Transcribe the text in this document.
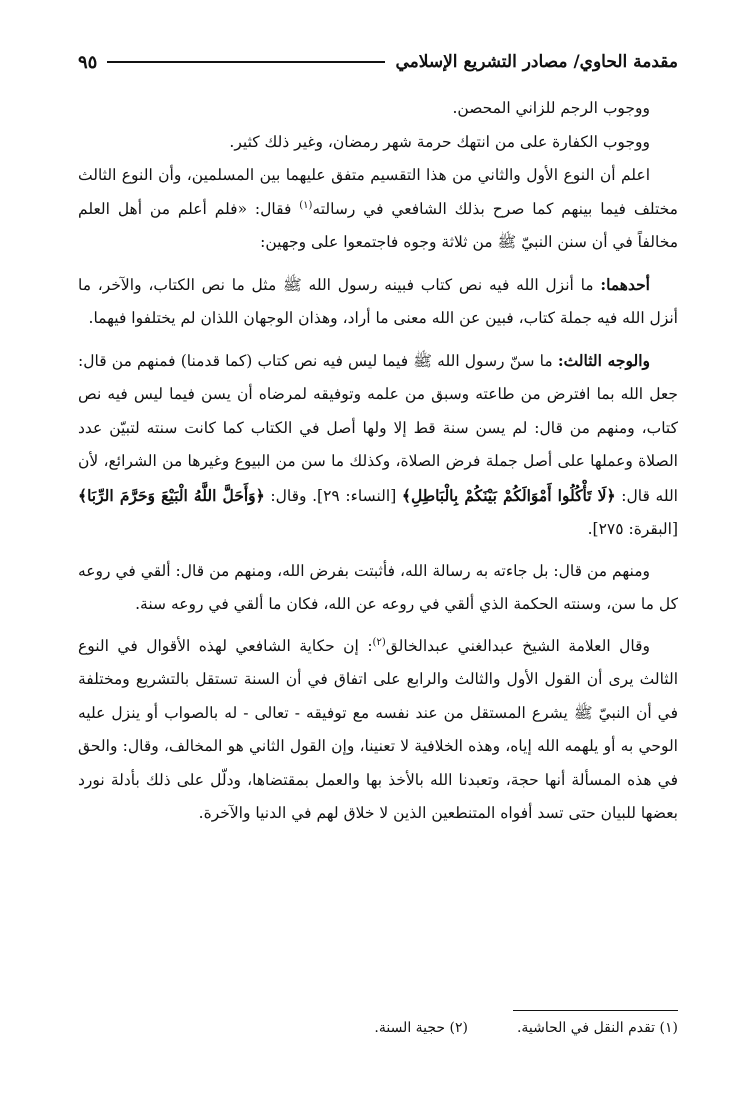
مقدمة الحاوي/ مصادر التشريع الإسلامي
٩٥

ووجوب الرجم للزاني المحصن.

ووجوب الكفارة على من انتهك حرمة شهر رمضان، وغير ذلك كثير.

اعلم أن النوع الأول والثاني من هذا التقسيم متفق عليهما بين المسلمين، وأن النوع الثالث مختلف فيما بينهم كما صرح بذلك الشافعي في رسالته$^{(١)}$ فقال: «فلم أعلم من أهل العلم مخالفاً في أن سنن النبيّ ﷺ من ثلاثة وجوه فاجتمعوا على وجهين:

أحدهما: ما أنزل الله فيه نص كتاب فبينه رسول الله ﷺ مثل ما نص الكتاب، والآخر، ما أنزل الله فيه جملة كتاب، فبين عن الله معنى ما أراد، وهذان الوجهان اللذان لم يختلفوا فيهما.

والوجه الثالث: ما سنّ رسول الله ﷺ فيما ليس فيه نص كتاب (كما قدمنا) فمنهم من قال: جعل الله بما افترض من طاعته وسبق من علمه وتوفيقه لمرضاه أن يسن فيما ليس فيه نص كتاب، ومنهم من قال: لم يسن سنة قط إلا ولها أصل في الكتاب كما كانت سنته لتبيّن عدد الصلاة وعملها على أصل جملة فرض الصلاة، وكذلك ما سن من البيوع وغيرها من الشرائع، لأن الله قال: ﴿لَا تَأْكُلُوا أَمْوَالَكُمْ بَيْنَكُمْ بِالْبَاطِلِ﴾ [النساء: ٢٩]. وقال: ﴿وَأَحَلَّ اللَّهُ الْبَيْعَ وَحَرَّمَ الرِّبَا﴾ [البقرة: ٢٧٥].

ومنهم من قال: بل جاءته به رسالة الله، فأثبتت بفرض الله، ومنهم من قال: ألقي في روعه كل ما سن، وسنته الحكمة الذي ألقي في روعه عن الله، فكان ما ألقي في روعه سنة.

وقال العلامة الشيخ عبدالغني عبدالخالق$^{(٢)}$: إن حكاية الشافعي لهذه الأقوال في النوع الثالث يرى أن القول الأول والثالث والرابع على اتفاق في أن السنة تستقل بالتشريع ومختلفة في أن النبيّ ﷺ يشرع المستقل من عند نفسه مع توفيقه - تعالى - له بالصواب أو ينزل عليه الوحي به أو يلهمه الله إياه، وهذه الخلافية لا تعنينا، وإن القول الثاني هو المخالف، وقال: والحق في هذه المسألة أنها حجة، وتعبدنا الله بالأخذ بها والعمل بمقتضاها، ودلّل على ذلك بأدلة نورد بعضها للبيان حتى تسد أفواه المتنطعين الذين لا خلاق لهم في الدنيا والآخرة.

(١) تقدم النقل في الحاشية.
(٢) حجية السنة.
